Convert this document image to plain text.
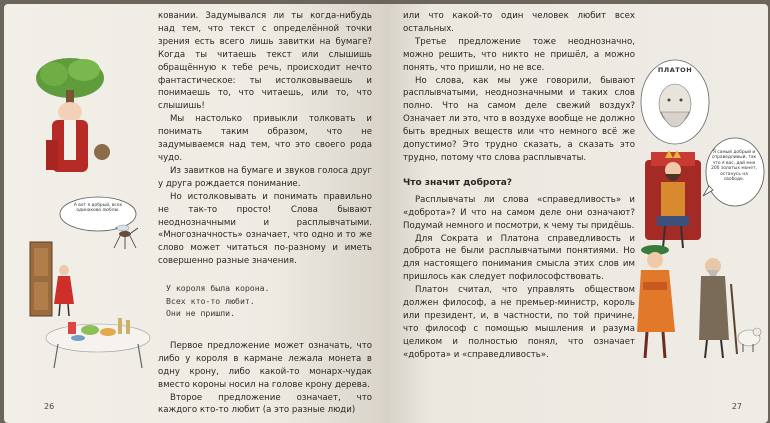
А вот я добрый, всех одинаково люблю.

ковании. Задумывался ли ты когда-нибудь над тем, что текст с определённой точки зрения есть всего лишь завитки на бумаге? Когда ты читаешь текст или слышишь обращённую к тебе речь, происходит нечто фантастическое: ты истолковываешь и понимаешь то, что читаешь, или то, что слышишь!

Мы настолько привыкли толковать и понимать таким образом, что не задумываемся над тем, что это своего рода чудо.

Из завитков на бумаге и звуков голоса друг у друга рождается понимание.

Но истолковывать и понимать правильно не так-то просто! Слова бывают неоднозначными и расплывчатыми. «Многозначность» означает, что одно и то же слово может читаться по-разному и иметь совершенно разные значения.

У короля была корона.
Всех кто-то любит.
Они не пришли.

Первое предложение может означать, что либо у короля в кармане лежала монета в одну крону, либо какой-то монарх-чудак вместо короны носил на голове крону дерева.

Второе предложение означает, что каждого кто-то любит (а это разные люди)

26

или что какой-то один человек любит всех остальных.

Третье предложение тоже неоднозначно, можно решить, что никто не пришёл, а можно понять, что пришли, но не все.

Но слова, как мы уже говорили, бывают расплывчатыми, неоднозначными и таких слов полно. Что на самом деле свежий воздух? Означает ли это, что в воздухе вообще не должно быть вредных веществ или что немного всё же допустимо? Это трудно сказать, а сказать это трудно, потому что слова расплывчаты.

Что значит доброта?

Расплывчаты ли слова «справедливость» и «доброта»? И что на самом деле они означают? Подумай немного и посмотри, к чему ты придёшь.

Для Сократа и Платона справедливость и доброта не были расплывчатыми понятиями. Но для настоящего понимания смысла этих слов им пришлось как следует пофилософствовать.

Платон считал, что управлять обществом должен философ, а не премьер-министр, король или президент, и, в частности, по той причине, что философ с помощью мышления и разума целиком и полностью понял, что означает «доброта» и «справедливость».

ПЛАТОН
Я самый добрый и справедливый, так что я вас, дай мне 200 золотых монет, останусь на свободе.
27
